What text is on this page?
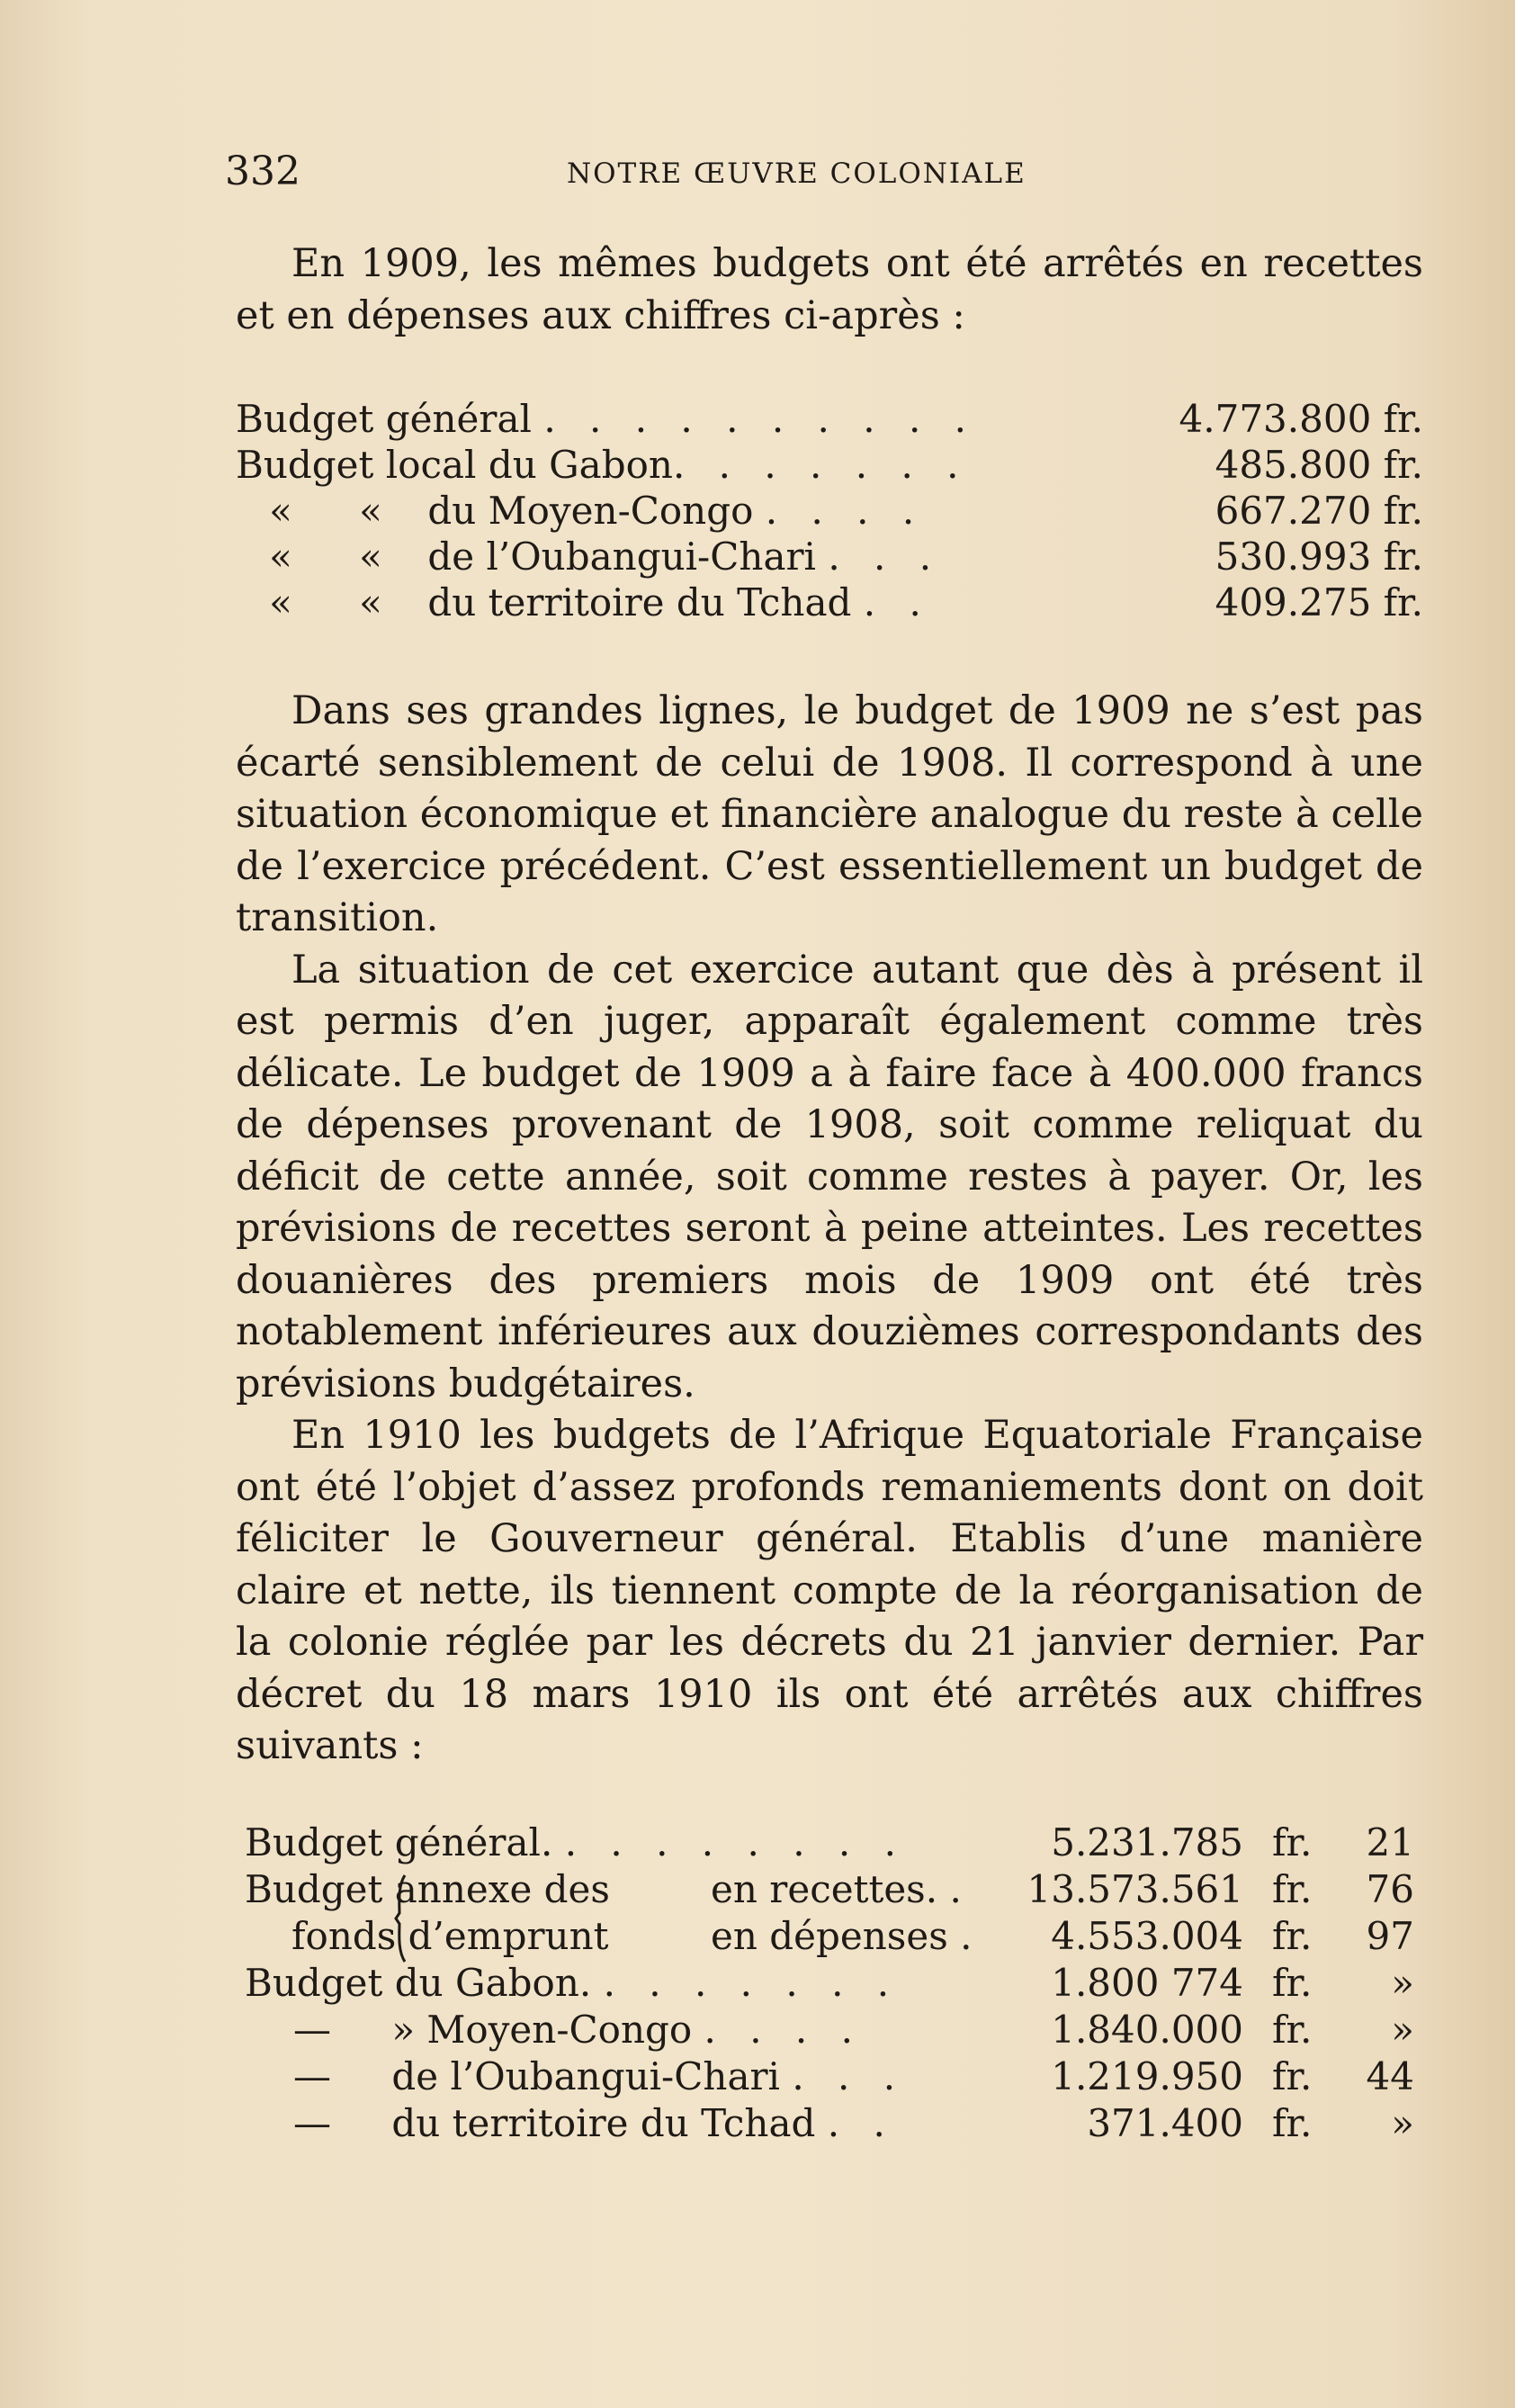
332	NOTRE ŒUVRE COLONIALE

En 1909, les mêmes budgets ont été arrêtés en recettes et en dépenses aux chiffres ci-après :

Budget général . . . . . . . . . .	4.773.800 fr.
Budget local du Gabon. . . . . . .	485.800 fr.
« « du Moyen-Congo . . . .	667.270 fr.
« « de l’Oubangui-Chari . . .	530.993 fr.
« « du territoire du Tchad . .	409.275 fr.

Dans ses grandes lignes, le budget de 1909 ne s’est pas écarté sensiblement de celui de 1908. Il correspond à une situation économique et financière analogue du reste à celle de l’exercice précédent. C’est essentiellement un budget de transition.

La situation de cet exercice autant que dès à présent il est permis d’en juger, apparaît également comme très délicate. Le budget de 1909 a à faire face à 400.000 francs de dépenses provenant de 1908, soit comme reliquat du déficit de cette année, soit comme restes à payer. Or, les prévisions de recettes seront à peine atteintes. Les recettes douanières des premiers mois de 1909 ont été très notablement inférieures aux douzièmes correspondants des prévisions budgétaires.

En 1910 les budgets de l’Afrique Equatoriale Française ont été l’objet d’assez profonds remaniements dont on doit féliciter le Gouverneur général. Etablis d’une manière claire et nette, ils tiennent compte de la réorganisation de la colonie réglée par les décrets du 21 janvier dernier. Par décret du 18 mars 1910 ils ont été arrêtés aux chiffres suivants :

Budget général. . . . . . . . .	5.231.785 fr. 21
Budget annexe des	en recettes. . 13.573.561 fr. 76
fonds d’emprunt	en dépenses .	4.553.004 fr. 97
Budget du Gabon. . . . . . . .	1.800 774 fr.	»
— » Moyen-Congo . . . .	1.840.000 fr.	»
— de l’Oubangui-Chari . . .	1.219.950 fr. 44
— du territoire du Tchad . .	371.400 fr.	»
